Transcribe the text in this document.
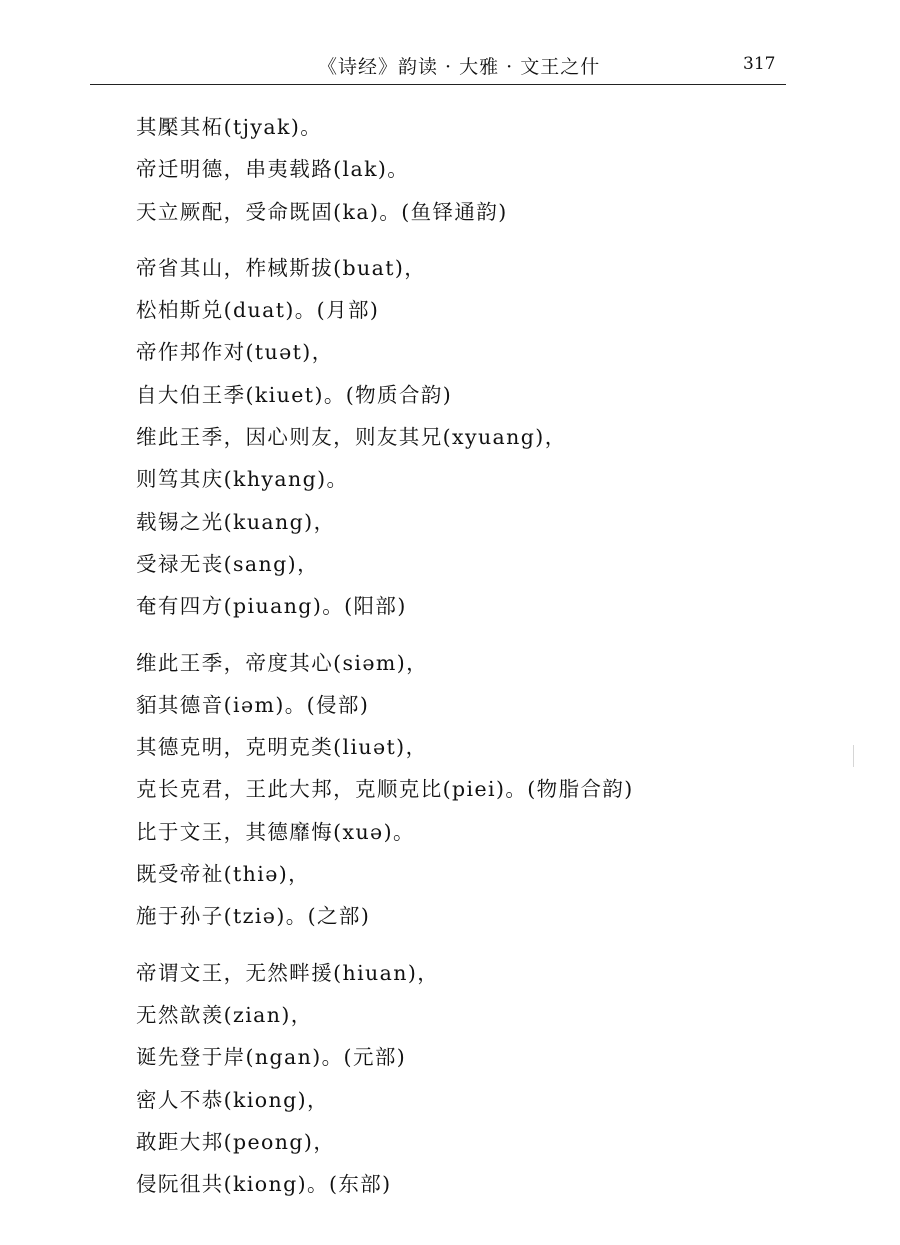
《诗经》韵读 · 大雅 · 文王之什	317
其檿其柘(tjyak)。
帝迁明德，串夷载路(lak)。
天立厥配，受命既固(ka)。(鱼铎通韵)
帝省其山，柞棫斯拔(buat)，
松柏斯兑(duat)。(月部)
帝作邦作对(tuət)，
自大伯王季(kiuet)。(物质合韵)
维此王季，因心则友，则友其兄(xyuang)，
则笃其庆(khyang)。
载锡之光(kuang)，
受禄无丧(sang)，
奄有四方(piuang)。(阳部)
维此王季，帝度其心(siəm)，
貊其德音(iəm)。(侵部)
其德克明，克明克类(liuət)，
克长克君，王此大邦，克顺克比(piei)。(物脂合韵)
比于文王，其德靡悔(xuə)。
既受帝祉(thiə)，
施于孙子(tziə)。(之部)
帝谓文王，无然畔援(hiuan)，
无然歆羡(zian)，
诞先登于岸(ngan)。(元部)
密人不恭(kiong)，
敢距大邦(peong)，
侵阮徂共(kiong)。(东部)
